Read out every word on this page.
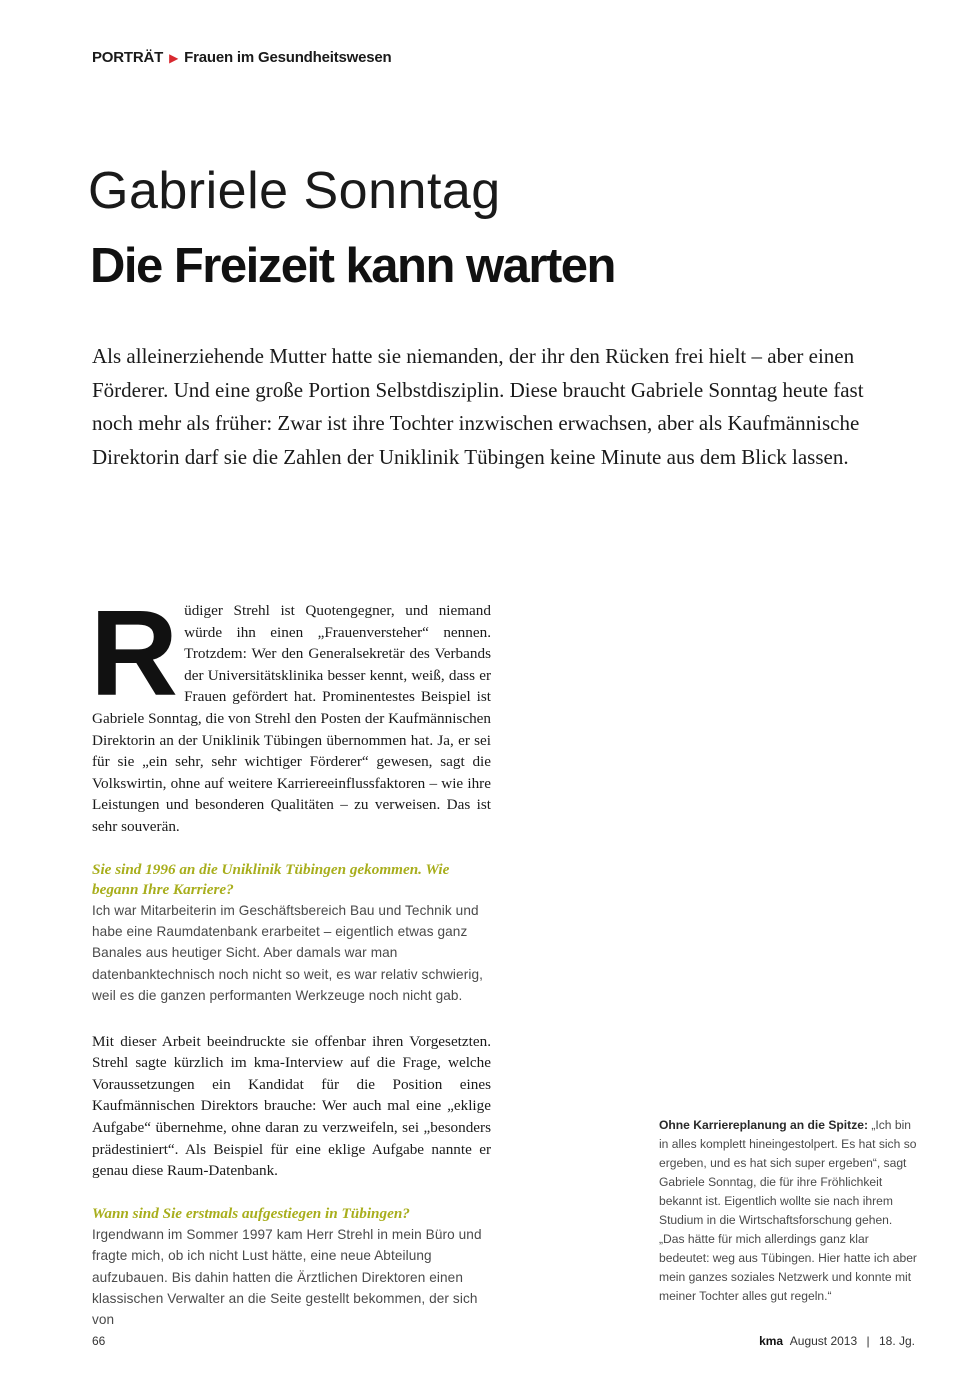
PORTRÄT ▶ Frauen im Gesundheitswesen
Gabriele Sonntag
Die Freizeit kann warten

Als alleinerziehende Mutter hatte sie niemanden, der ihr den Rücken frei hielt – aber einen Förderer. Und eine große Portion Selbstdisziplin. Diese braucht Gabriele Sonntag heute fast noch mehr als früher: Zwar ist ihre Tochter inzwischen erwachsen, aber als Kaufmännische Direktorin darf sie die Zahlen der Uniklinik Tübingen keine Minute aus dem Blick lassen.

R üdiger Strehl ist Quotengegner, und niemand würde ihn einen „Frauenversteher“ nennen. Trotzdem: Wer den Generalsekretär des Verbands der Universitätsklinika besser kennt, weiß, dass er Frauen gefördert hat. Prominentestes Beispiel ist Gabriele Sonntag, die von Strehl den Posten der Kaufmännischen Direktorin an der Uniklinik Tübingen übernommen hat. Ja, er sei für sie „ein sehr, sehr wichtiger Förderer“ gewesen, sagt die Volkswirtin, ohne auf weitere Karriereeinflussfaktoren – wie ihre Leistungen und besonderen Qualitäten – zu verweisen. Das ist sehr souverän.

Sie sind 1996 an die Uniklinik Tübingen gekommen. Wie begann Ihre Karriere?

Ich war Mitarbeiterin im Geschäftsbereich Bau und Technik und habe eine Raumdatenbank erarbeitet – eigentlich etwas ganz Banales aus heutiger Sicht. Aber damals war man datenbanktechnisch noch nicht so weit, es war relativ schwierig, weil es die ganzen performanten Werkzeuge noch nicht gab.

Mit dieser Arbeit beeindruckte sie offenbar ihren Vorgesetzten. Strehl sagte kürzlich im kma-Interview auf die Frage, welche Voraussetzungen ein Kandidat für die Position eines Kaufmännischen Direktors brauche: Wer auch mal eine „eklige Aufgabe“ übernehme, ohne daran zu verzweifeln, sei „besonders prädestiniert“. Als Beispiel für eine eklige Aufgabe nannte er genau diese Raum-Datenbank.

Wann sind Sie erstmals aufgestiegen in Tübingen?

Irgendwann im Sommer 1997 kam Herr Strehl in mein Büro und fragte mich, ob ich nicht Lust hätte, eine neue Abteilung aufzubauen. Bis dahin hatten die Ärztlichen Direktoren einen klassischen Verwalter an die Seite gestellt bekommen, der sich von

Ohne Karriereplanung an die Spitze: „Ich bin in alles komplett hineingestolpert. Es hat sich so ergeben, und es hat sich super ergeben“, sagt Gabriele Sonntag, die für ihre Fröhlichkeit bekannt ist. Eigentlich wollte sie nach ihrem Studium in die Wirtschaftsforschung gehen. „Das hätte für mich allerdings ganz klar bedeutet: weg aus Tübingen. Hier hatte ich aber mein ganzes soziales Netzwerk und konnte mit meiner Tochter alles gut regeln.“

66	kma August 2013 | 18. Jg.
